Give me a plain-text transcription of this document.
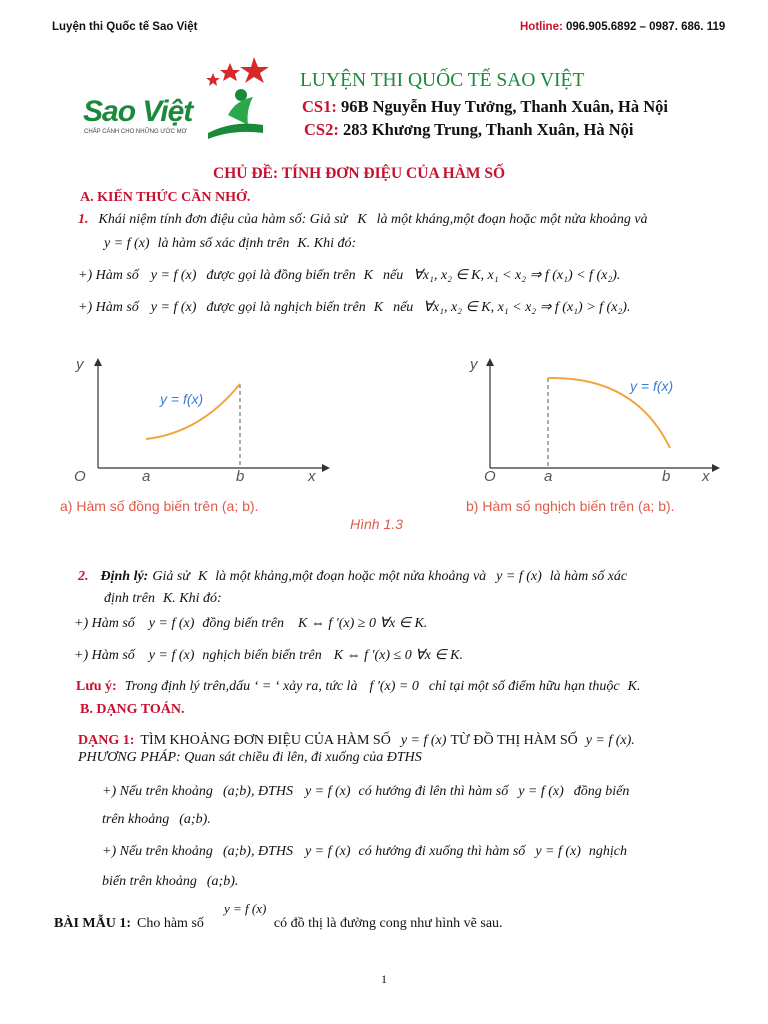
Luyện thi Quốc tế Sao Việt	Hotline: 096.905.6892 – 0987. 686. 119
Sao Việt
CHẮP CÁNH CHO NHỮNG ƯỚC MƠ
LUYỆN THI QUỐC TẾ SAO VIỆT
CS1: 96B Nguyễn Huy Tưởng, Thanh Xuân, Hà Nội
CS2: 283 Khương Trung, Thanh Xuân, Hà Nội
CHỦ ĐỀ: TÍNH ĐƠN ĐIỆU CỦA HÀM SỐ
A. KIẾN THỨC CẦN NHỚ.
1. Khái niệm tính đơn điệu của hàm số: Giả sử K là một kháng,một đoạn hoặc một nửa khoảng và
y = f (x) là hàm số xác định trên K. Khi đó:
+) Hàm số y = f (x) được gọi là đồng biến trên K nếu ∀x₁, x₂ ∈ K, x₁ < x₂ ⇒ f (x₁) < f (x₂).
+) Hàm số y = f (x) được gọi là nghịch biến trên K nếu ∀x₁, x₂ ∈ K, x₁ < x₂ ⇒ f (x₁) > f (x₂).
y
y = f(x)
O	a	b	x
a) Hàm số đồng biến trên (a; b).
y
y = f(x)
O	a	b x
b) Hàm số nghịch biến trên (a; b).
Hình 1.3
2. Định lý: Giả sử K là một khảng,một đoạn hoặc một nửa khoảng và y = f (x) là hàm số xác
định trên K. Khi đó:
+) Hàm số y = f (x) đồng biến trên K ⇔ f '(x) ≥ 0 ∀x ∈ K.
+) Hàm số y = f (x) nghịch biến biến trên K ⇔ f '(x) ≤ 0 ∀x ∈ K.
Lưu ý: Trong định lý trên,dấu ‘ = ‘ xảy ra, tức là f '(x) = 0 chỉ tại một số điểm hữu hạn thuộc K.
B. DẠNG TOÁN.
DẠNG 1: TÌM KHOẢNG ĐƠN ĐIỆU CỦA HÀM SỐ y = f (x) TỪ ĐỒ THỊ HÀM SỐ y = f (x).
PHƯƠNG PHÁP: Quan sát chiều đi lên, đi xuống của ĐTHS
+) Nếu trên khoảng (a;b), ĐTHS y = f (x) có hướng đi lên thì hàm số y = f (x) đồng biến
trên khoảng (a;b).
+) Nếu trên khoảng (a;b), ĐTHS y = f (x) có hướng đi xuống thì hàm số y = f (x) nghịch
biến trên khoảng (a;b).
y = f (x)
BÀI MẪU 1: Cho hàm số	có đồ thị là đường cong như hình vẽ sau.
1
